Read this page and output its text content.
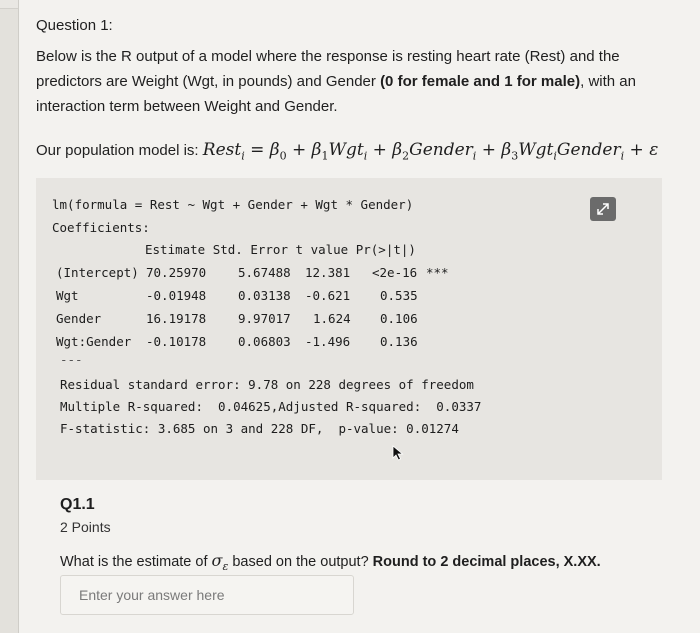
Question 1:
Below is the R output of a model where the response is resting heart rate (Rest) and the predictors are Weight (Wgt, in pounds) and Gender (0 for female and 1 for male), with an interaction term between Weight and Gender.
Our population model is: Rest$_i$ = $\beta_0 + \beta_1Wgt_i$ + $\beta_2Gender_i$ + $\beta_3Wgt_iGender_i + \varepsilon$
lm(formula = Rest ~ Wgt + Gender + Wgt * Gender)
Coefficients:
Estimate Std. Error t value Pr(>|t|)
(Intercept) 70.25970	5.67488 12.381 <2e-16 ***
Wgt	-0.01948	0.03138 -0.621 0.535
Gender	16.19178	9.97017 1.624 0.106
Wgt:Gender -0.10178	0.06803 -1.496 0.136
---
Residual standard error: 9.78 on 228 degrees of freedom
Multiple R-squared:  0.04625,Adjusted R-squared:  0.0337
F-statistic: 3.685 on 3 and 228 DF,  p-value: 0.01274
Q1.1
2 Points
What is the estimate of $\sigma_\varepsilon$ based on the output? Round to 2 decimal places, X.XX.
Enter your answer here
